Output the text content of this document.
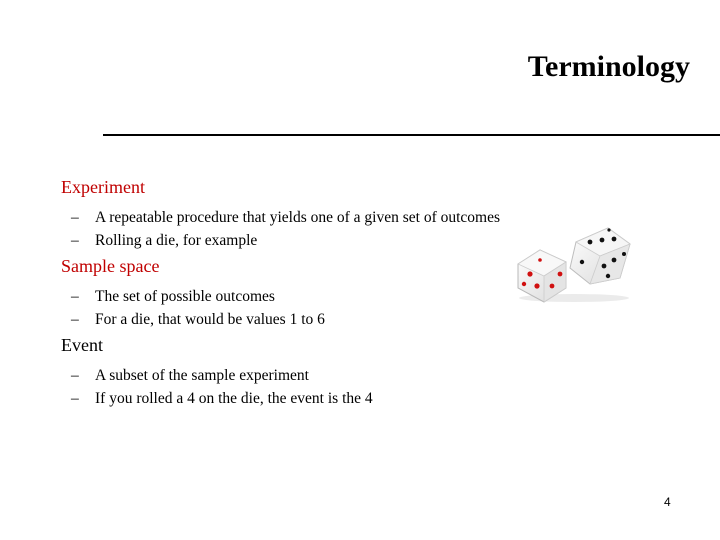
Terminology

Experiment

– A repeatable procedure that yields one of a given set of outcomes
– Rolling a die, for example

Sample space

– The set of possible outcomes
– For a die, that would be values 1 to 6

Event

– A subset of the sample experiment
– If you rolled a 4 on the die, the event is the 4
4
